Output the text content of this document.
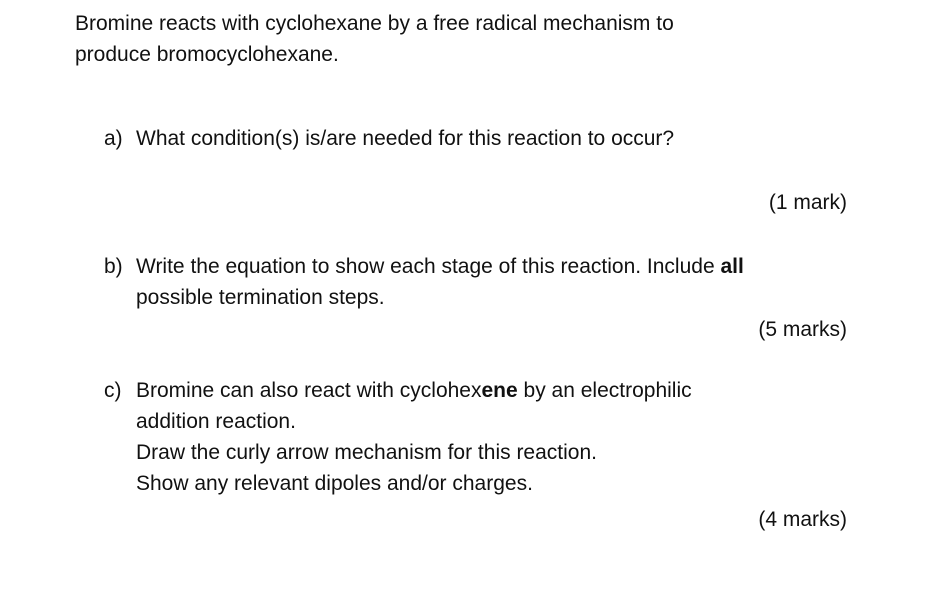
Bromine reacts with cyclohexane by a free radical mechanism to
produce bromocyclohexane.
a) What condition(s) is/are needed for this reaction to occur?
(1 mark)
b) Write the equation to show each stage of this reaction. Include all
possible termination steps.
(5 marks)
c) Bromine can also react with cyclohexene by an electrophilic
addition reaction.
Draw the curly arrow mechanism for this reaction.
Show any relevant dipoles and/or charges.
(4 marks)
